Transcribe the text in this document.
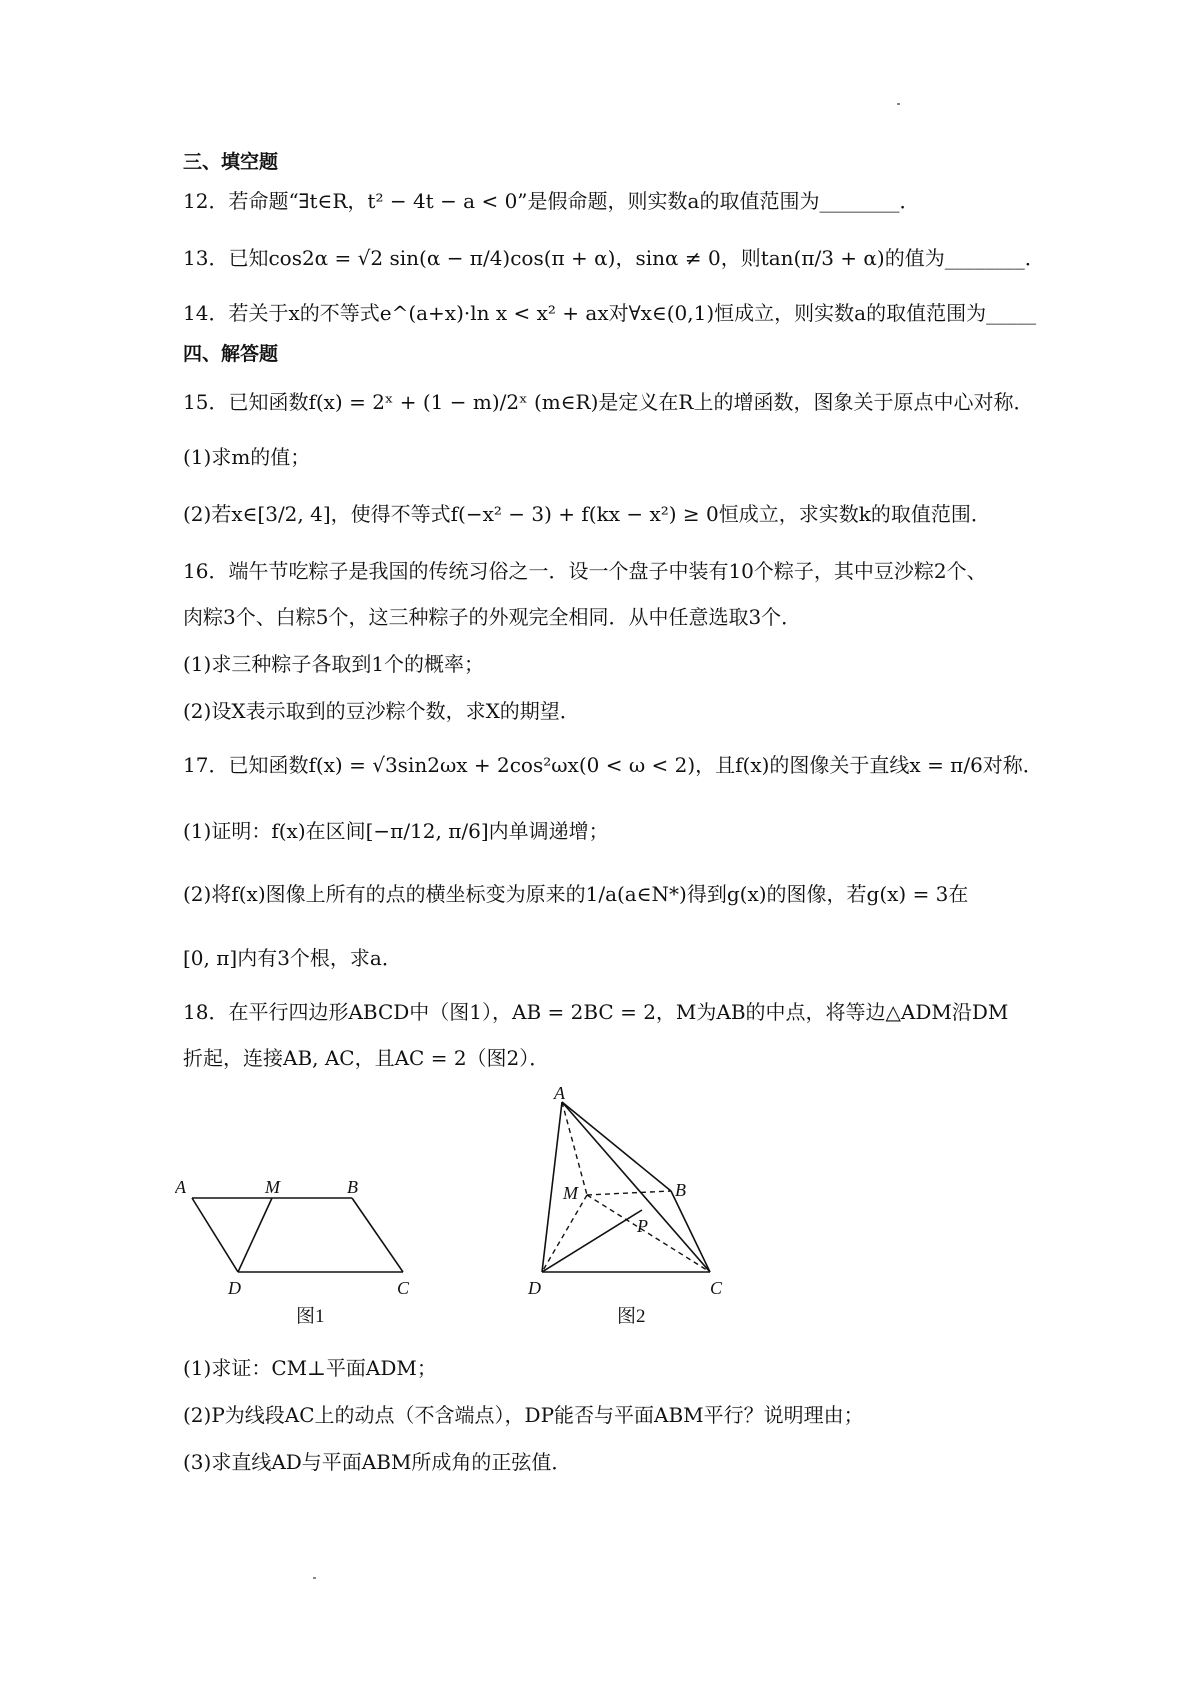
三、填空题
12．若命题“∃t∈R，t² − 4t − a < 0”是假命题，则实数a的取值范围为________．
13．已知cos2α = √2 sin(α − π/4)cos(π + α)，sinα ≠ 0，则tan(π/3 + α)的值为________．
14．若关于x的不等式e^(a+x)·ln x < x² + ax对∀x∈(0,1)恒成立，则实数a的取值范围为_____
四、解答题
15．已知函数f(x) = 2ˣ + (1 − m)/2ˣ (m∈R)是定义在R上的增函数，图象关于原点中心对称．
(1)求m的值；
(2)若x∈[3/2, 4]，使得不等式f(−x² − 3) + f(kx − x²) ≥ 0恒成立，求实数k的取值范围．
16．端午节吃粽子是我国的传统习俗之一．设一个盘子中装有10个粽子，其中豆沙粽2个、
肉粽3个、白粽5个，这三种粽子的外观完全相同．从中任意选取3个．
(1)求三种粽子各取到1个的概率；
(2)设X表示取到的豆沙粽个数，求X的期望．
17．已知函数f(x) = √3sin2ωx + 2cos²ωx(0 < ω < 2)，且f(x)的图像关于直线x = π/6对称．
(1)证明：f(x)在区间[−π/12, π/6]内单调递增；
(2)将f(x)图像上所有的点的横坐标变为原来的1/a(a∈N*)得到g(x)的图像，若g(x) = 3在
[0, π]内有3个根，求a．
18．在平行四边形ABCD中（图1），AB = 2BC = 2，M为AB的中点，将等边△ADM沿DM
折起，连接AB, AC，且AC = 2（图2）．
A	M	B
D	C
图1
A
M	B
P
D	C
图2
(1)求证：CM⊥平面ADM；
(2)P为线段AC上的动点（不含端点），DP能否与平面ABM平行？说明理由；
(3)求直线AD与平面ABM所成角的正弦值．
